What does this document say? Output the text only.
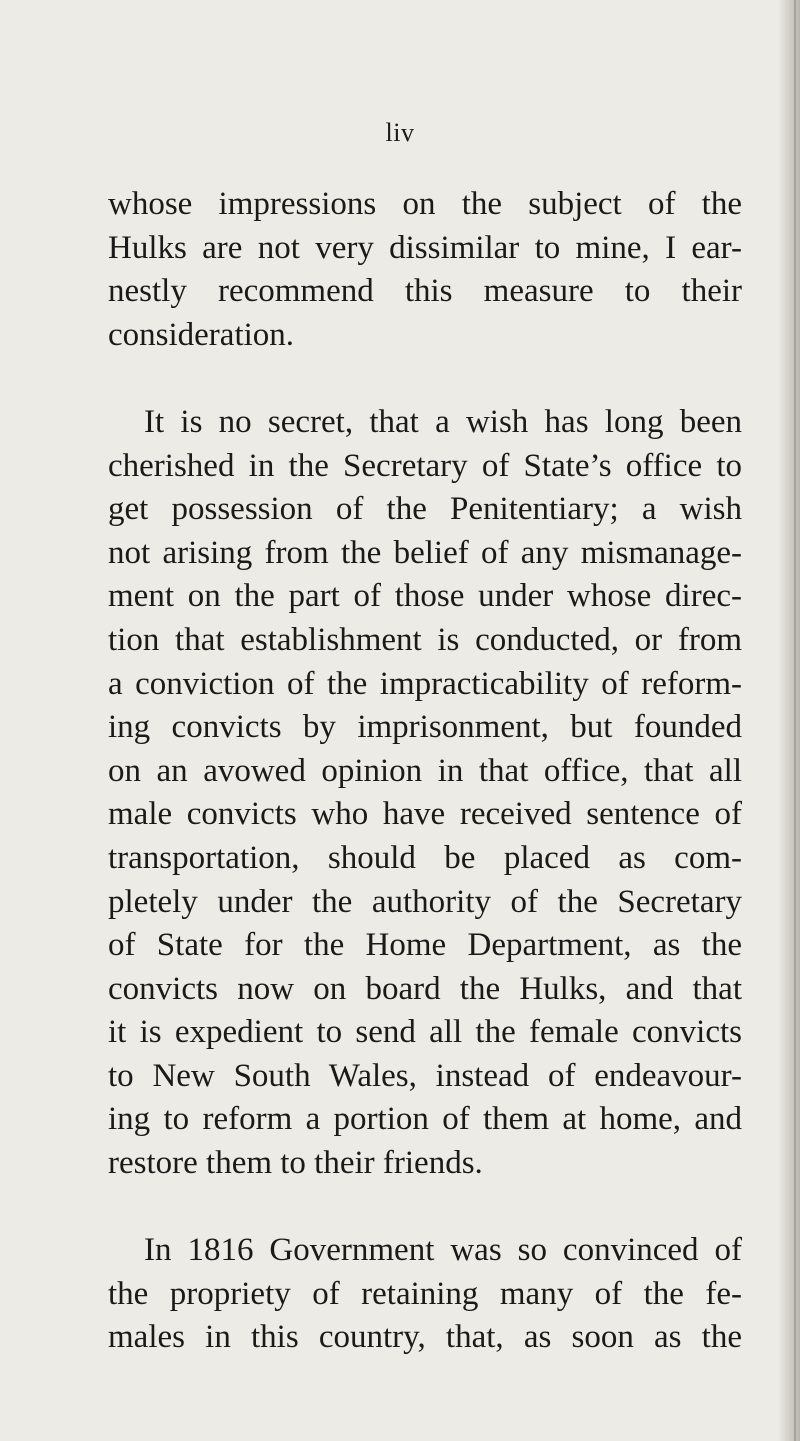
liv
whose impressions on the subject of the
Hulks are not very dissimilar to mine, I ear-
nestly recommend this measure to their
consideration.
It is no secret, that a wish has long been
cherished in the Secretary of State’s office to
get possession of the Penitentiary; a wish
not arising from the belief of any mismanage-
ment on the part of those under whose direc-
tion that establishment is conducted, or from
a conviction of the impracticability of reform-
ing convicts by imprisonment, but founded
on an avowed opinion in that office, that all
male convicts who have received sentence of
transportation, should be placed as com-
pletely under the authority of the Secretary
of State for the Home Department, as the
convicts now on board the Hulks, and that
it is expedient to send all the female convicts
to New South Wales, instead of endeavour-
ing to reform a portion of them at home, and
restore them to their friends.
In 1816 Government was so convinced of
the propriety of retaining many of the fe-
males in this country, that, as soon as the
